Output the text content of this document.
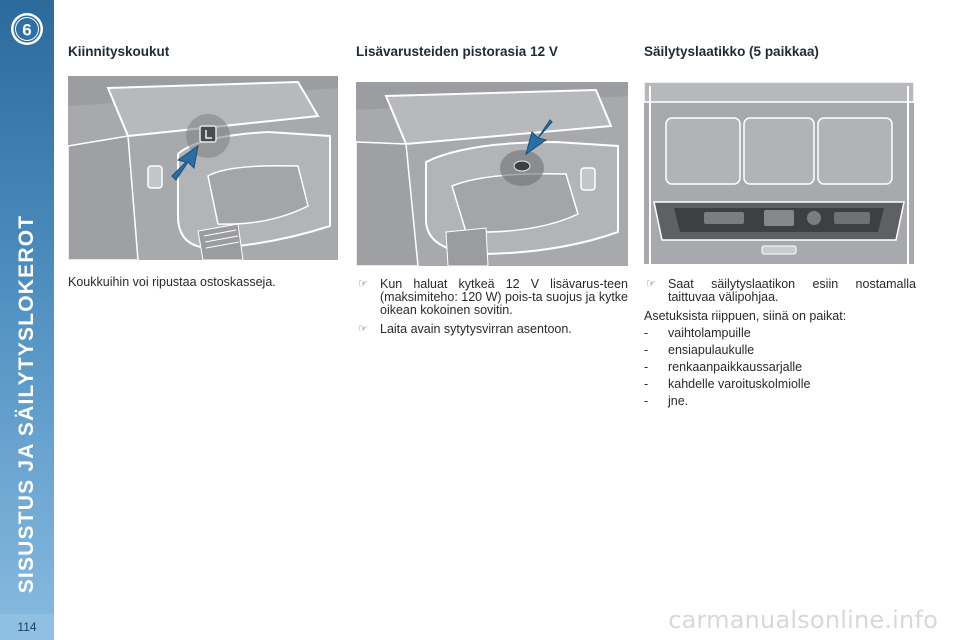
6
SISUSTUS JA SÄILYTYSLOKEROT
114
Kiinnityskoukut
Koukkuihin voi ripustaa ostoskasseja.
Lisävarusteiden pistorasia 12 V
☞ Kun haluat kytkeä 12 V lisävarus-teen (maksimiteho: 120 W) pois-ta suojus ja kytke oikean kokoinen sovitin.
☞ Laita avain sytytysvirran asentoon.
Säilytyslaatikko (5 paikkaa)
☞ Saat säilytyslaatikon esiin nostamalla taittuvaa välipohjaa.
Asetuksista riippuen, siinä on paikat:
- vaihtolampuille
- ensiapulaukulle
- renkaanpaikkaussarjalle
- kahdelle varoituskolmiolle
- jne.
carmanualsonline.info
